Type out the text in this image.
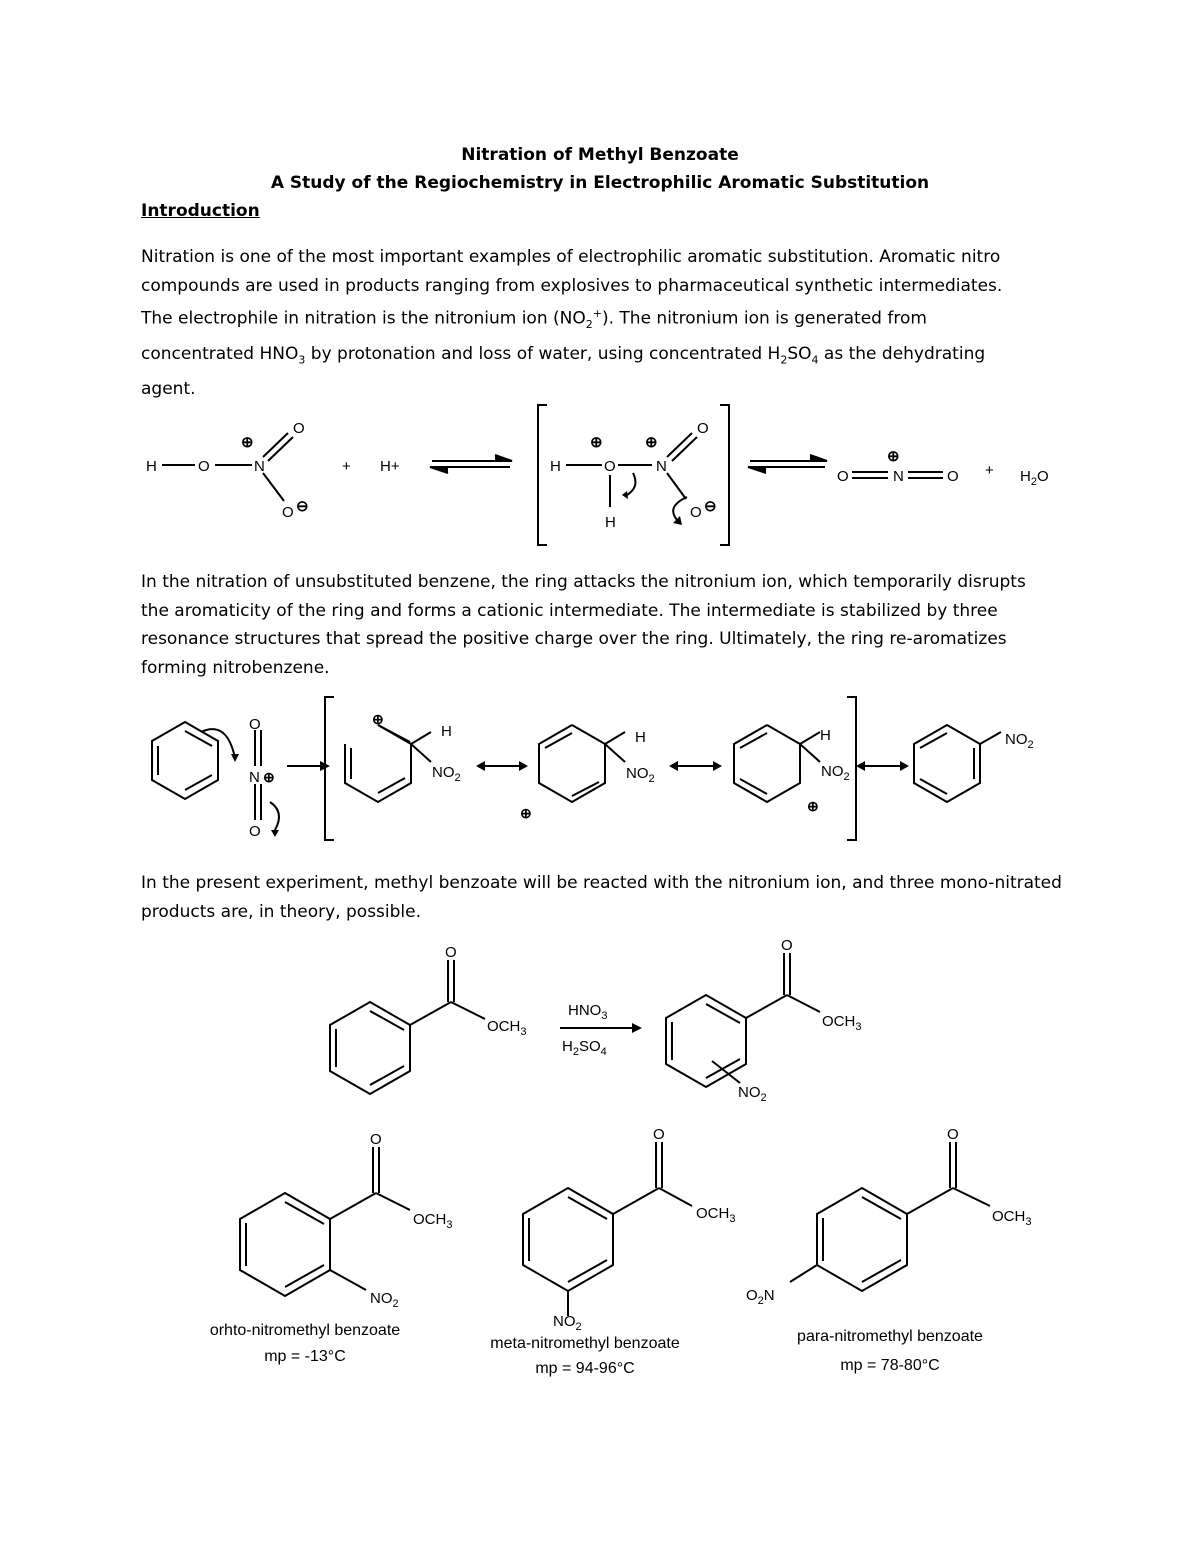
Nitration of Methyl Benzoate
A Study of the Regiochemistry in Electrophilic Aromatic Substitution
Introduction
Nitration is one of the most important examples of electrophilic aromatic substitution. Aromatic nitro
compounds are used in products ranging from explosives to pharmaceutical synthetic intermediates.
The electrophile in nitration is the nitronium ion $(NO_2^+)$. The nitronium ion is generated from
concentrated $HNO_3$ by protonation and loss of water, using concentrated $H_2SO_4$ as the dehydrating
agent.
H	O	N
O
O
+ H+	H	O
H
N
O
O
O	N	$O + H_2O$
⊕
⊖
⊕	⊕
⊖
⊕
In the nitration of unsubstituted benzene, the ring attacks the nitronium ion, which temporarily disrupts
the aromaticity of the ring and forms a cationic intermediate. The intermediate is stabilized by three
resonance structures that spread the positive charge over the ring. Ultimately, the ring re-aromatizes
forming nitrobenzene.
O
N
O
H
$NO_2$
H
$NO_2$
H
$NO_2$
$NO_2$
⊕
⊕
⊕	⊕
In the present experiment, methyl benzoate will be reacted with the nitronium ion, and three mono-nitrated
products are, in theory, possible.
O
$OCH_3$
$HNO_3$
$H_2SO_4$
O
$OCH_3$
$NO_2$
O
$OCH_3$
$NO_2$
O
$OCH_3$
O
$OCH_3$
$O_2N$
$NO_2$
orhto-nitromethyl benzoate
mp = -13°C
meta-nitromethyl benzoate
mp = 94-96°C
para-nitromethyl benzoate
mp = 78-80°C
